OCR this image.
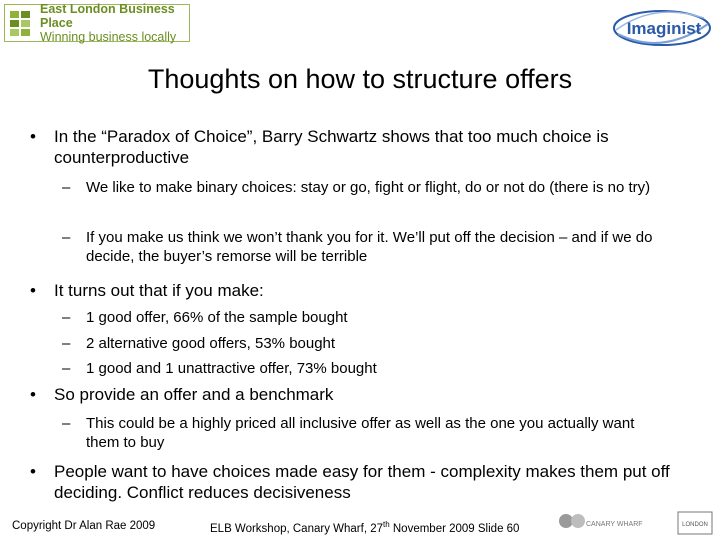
East London Business Place
Winning business locally	Imaginist
Thoughts on how to structure offers
• In the “Paradox of Choice”, Barry Schwartz shows that too much choice is counterproductive
– We like to make binary choices: stay or go, fight or flight, do or not do (there is no try)
– If you make us think we won’t thank you for it. We’ll put off the decision – and if we do decide, the buyer’s remorse will be terrible
• It turns out that if you make:
– 1 good offer, 66% of the sample bought
– 2 alternative good offers, 53% bought
– 1 good and 1 unattractive offer, 73% bought
• So provide an offer and a benchmark
– This could be a highly priced all inclusive offer as well as the one you actually want them to buy
• People want to have choices made easy for them - complexity makes them put off deciding. Conflict reduces decisiveness
Copyright Dr Alan Rae 2009	ELB Workshop, Canary Wharf, 27th November 2009 Slide 60	CANARY WHARF	LONDON
